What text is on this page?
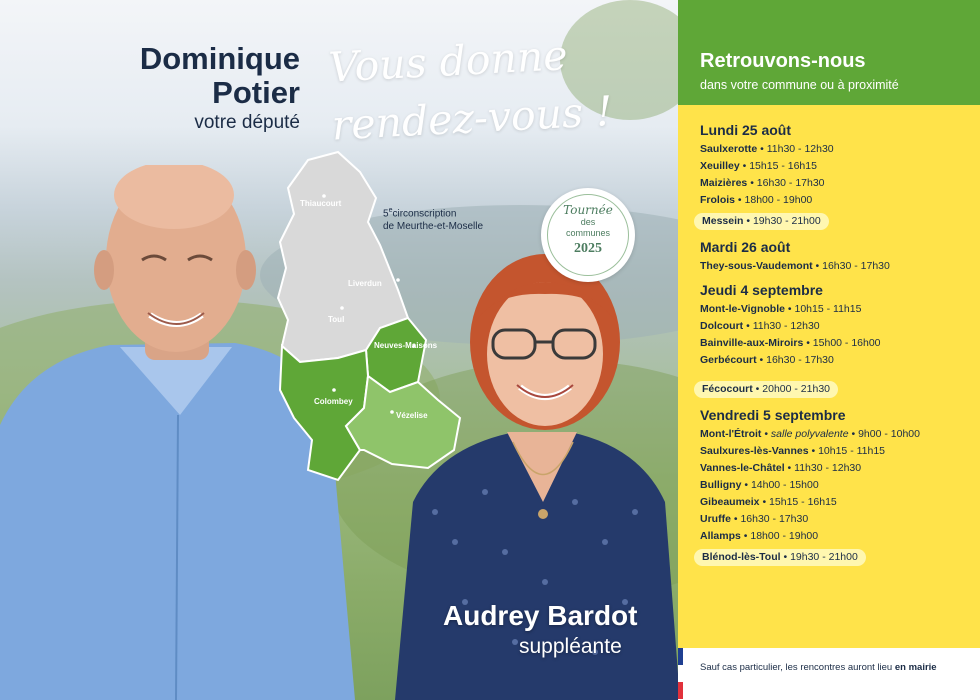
Thiaucourt
Liverdun
Toul
Neuves-Maisons
Colombey
Vézelise
Dominique
Potier
votre député
Vous donne
rendez-vous !
5ecirconscription
de Meurthe-et-Moselle
Tournée
des
communes
2025
Audrey Bardot
suppléante
Retrouvons-nous
dans votre commune ou à proximité
Lundi 25 août
Saulxerotte • 11h30 - 12h30
Xeuilley • 15h15 - 16h15
Maizières • 16h30 - 17h30
Frolois • 18h00 - 19h00
Messein • 19h30 - 21h00

Mardi 26 août
They-sous-Vaudemont • 16h30 - 17h30
Jeudi 4 septembre
Mont-le-Vignoble • 10h15 - 11h15
Dolcourt • 11h30 - 12h30
Bainville-aux-Miroirs • 15h00 - 16h00
Gerbécourt • 16h30 - 17h30
Fécocourt • 20h00 - 21h30

Vendredi 5 septembre
Mont-l'Étroit • salle polyvalente • 9h00 - 10h00
Saulxures-lès-Vannes • 10h15 - 11h15
Vannes-le-Châtel • 11h30 - 12h30
Bulligny • 14h00 - 15h00
Gibeaumeix • 15h15 - 16h15
Uruffe • 16h30 - 17h30
Allamps • 18h00 - 19h00
Blénod-lès-Toul • 19h30 - 21h00

Sauf cas particulier, les rencontres auront lieu en mairie
